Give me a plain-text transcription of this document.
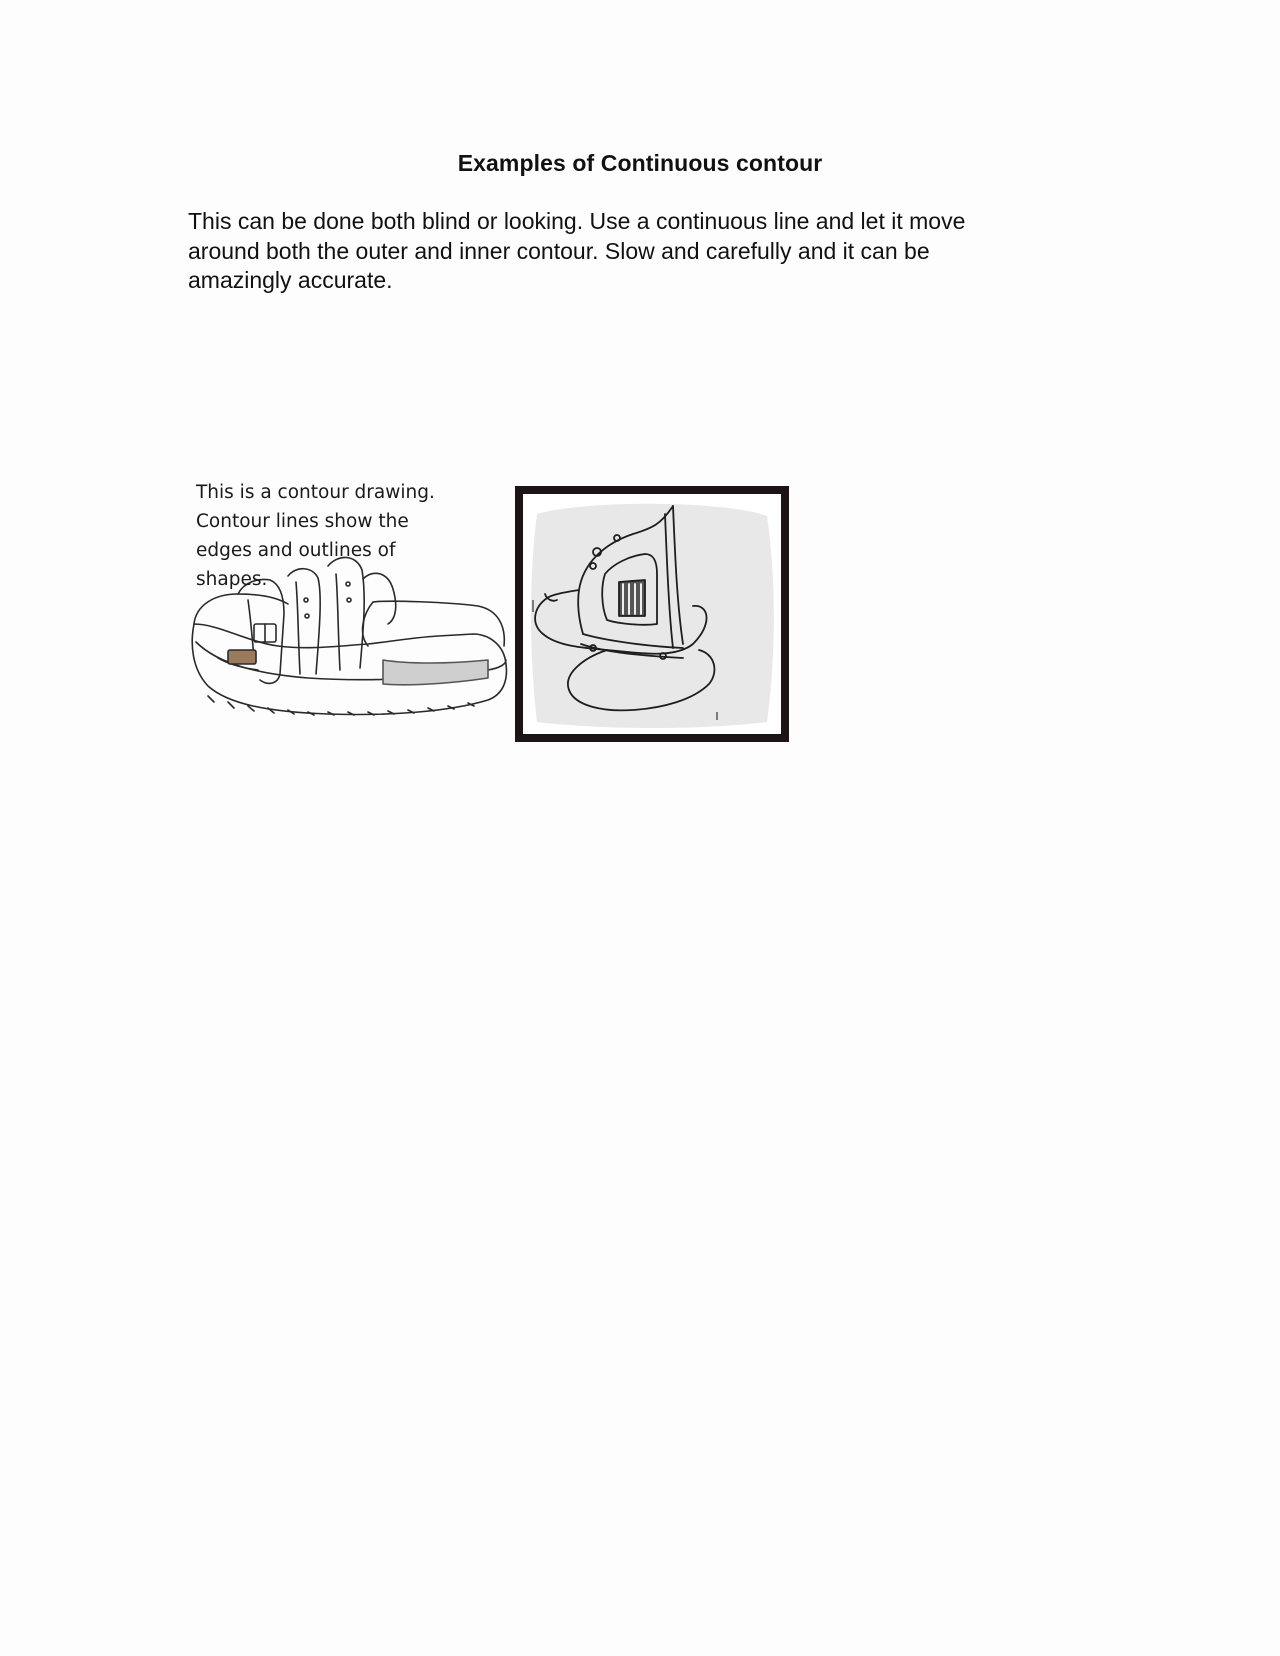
Examples of Continuous contour
This can be done both blind or looking. Use a continuous line and let it move
around both the outer and inner contour. Slow and carefully and it can be
amazingly accurate.
This is a contour drawing.
Contour lines show the
edges and outlines of
shapes.
